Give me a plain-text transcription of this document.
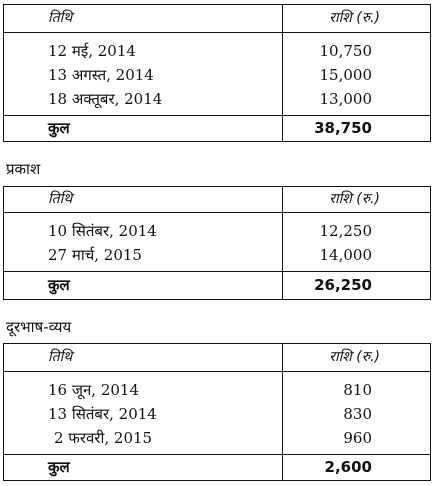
तिथि	राशि (रु.)
12 मई, 2014	10,750
13 अगस्त, 2014	15,000
18 अक्तूबर, 2014	13,000
कुल	38,750
प्रकाश
तिथि	राशि (रु.)
10 सितंबर, 2014	12,250
27 मार्च, 2015	14,000
कुल	26,250
दूरभाष-व्यय
तिथि	राशि (रु.)
16 जून, 2014	810
13 सितंबर, 2014	830
2 फरवरी, 2015	960
कुल	2,600
